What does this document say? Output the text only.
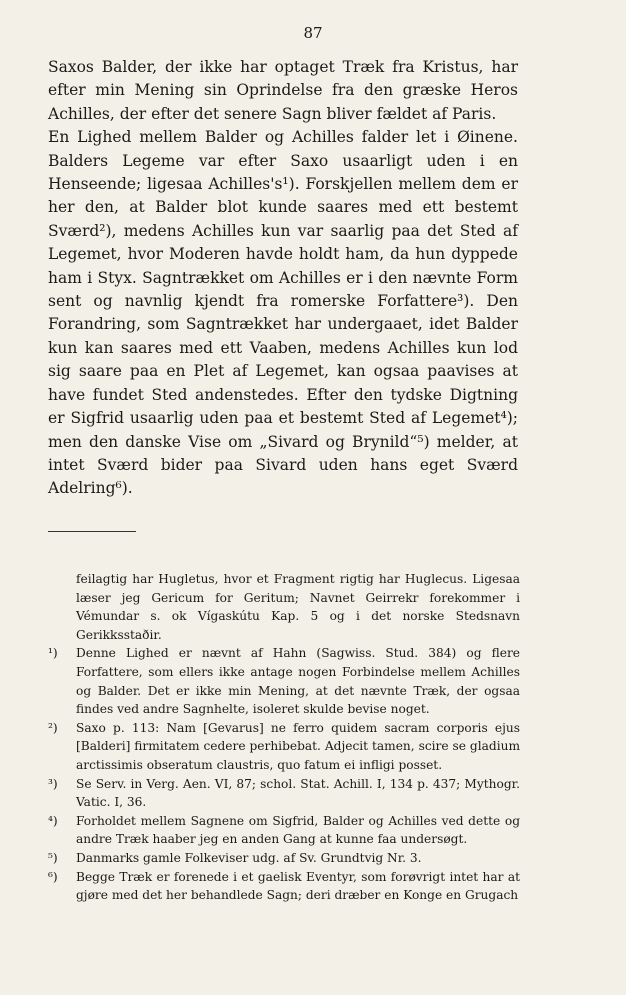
87

Saxos Balder, der ikke har optaget Træk fra Kristus, har efter min Mening sin Oprindelse fra den græske Heros Achilles, der efter det senere Sagn bliver fældet af Paris.

En Lighed mellem Balder og Achilles falder let i Øinene. Balders Legeme var efter Saxo usaarligt uden i en Henseende; ligesaa Achilles's¹). Forskjellen mellem dem er her den, at Balder blot kunde saares med ett bestemt Sværd²), medens Achilles kun var saarlig paa det Sted af Legemet, hvor Moderen havde holdt ham, da hun dyppede ham i Styx. Sagntrækket om Achilles er i den nævnte Form sent og navnlig kjendt fra romerske Forfattere³). Den Forandring, som Sagntrækket har undergaaet, idet Balder kun kan saares med ett Vaaben, medens Achilles kun lod sig saare paa en Plet af Legemet, kan ogsaa paavises at have fundet Sted andenstedes. Efter den tydske Digtning er Sigfrid usaarlig uden paa et bestemt Sted af Legemet⁴); men den danske Vise om „Sivard og Brynild“⁵) melder, at intet Sværd bider paa Sivard uden hans eget Sværd Adelring⁶).

feilagtig har Hugletus, hvor et Fragment rigtig har Huglecus. Ligesaa læser jeg Gericum for Geritum; Navnet Geirrekr forekommer i Vémundar s. ok Vígaskútu Kap. 5 og i det norske Stedsnavn Gerikksstaðir.
¹)	Denne Lighed er nævnt af Hahn (Sagwiss. Stud. 384) og flere Forfattere, som ellers ikke antage nogen Forbindelse mellem Achilles og Balder. Det er ikke min Mening, at det nævnte Træk, der ogsaa findes ved andre Sagnhelte, isoleret skulde bevise noget.
²)	Saxo p. 113: Nam [Gevarus] ne ferro quidem sacram corporis ejus [Balderi] firmitatem cedere perhibebat. Adjecit tamen, scire se gladium arctissimis obseratum claustris, quo fatum ei infligi posset.
³)	Se Serv. in Verg. Aen. VI, 87; schol. Stat. Achill. I, 134 p. 437; Mythogr. Vatic. I, 36.
⁴)	Forholdet mellem Sagnene om Sigfrid, Balder og Achilles ved dette og andre Træk haaber jeg en anden Gang at kunne faa undersøgt.
⁵)	Danmarks gamle Folkeviser udg. af Sv. Grundtvig Nr. 3.
⁶)	Begge Træk er forenede i et gaelisk Eventyr, som forøvrigt intet har at gjøre med det her behandlede Sagn; deri dræber en Konge en Grugach
